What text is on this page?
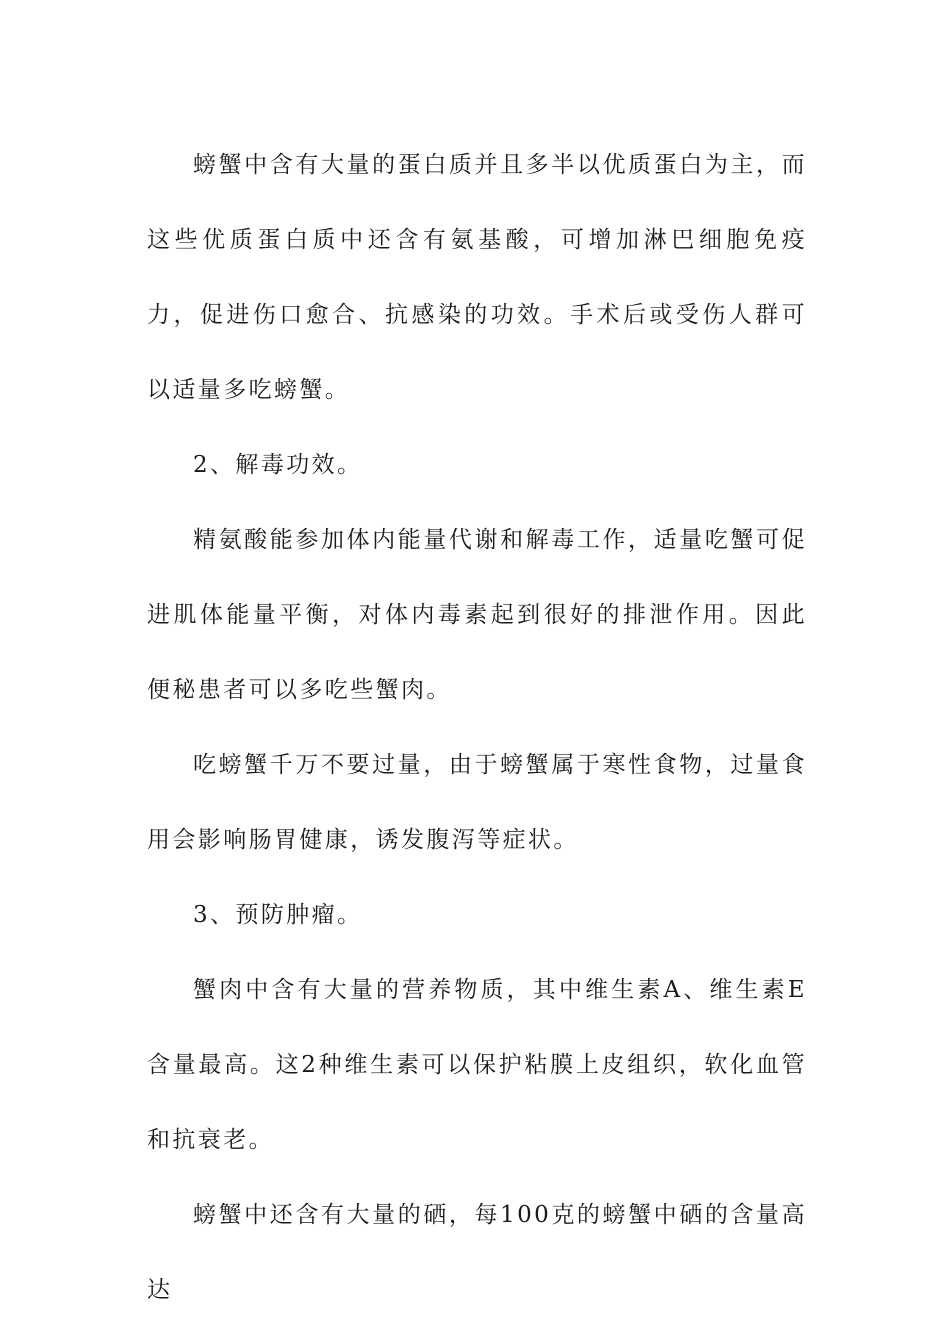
螃蟹中含有大量的蛋白质并且多半以优质蛋白为主，而这些优质蛋白质中还含有氨基酸，可增加淋巴细胞免疫力，促进伤口愈合、抗感染的功效。手术后或受伤人群可以适量多吃螃蟹。

2、解毒功效。

精氨酸能参加体内能量代谢和解毒工作，适量吃蟹可促进肌体能量平衡，对体内毒素起到很好的排泄作用。因此便秘患者可以多吃些蟹肉。

吃螃蟹千万不要过量，由于螃蟹属于寒性食物，过量食用会影响肠胃健康，诱发腹泻等症状。

3、预防肿瘤。

蟹肉中含有大量的营养物质，其中维生素A、维生素E含量最高。这2种维生素可以保护粘膜上皮组织，软化血管和抗衰老。

螃蟹中还含有大量的硒，每100克的螃蟹中硒的含量高达
